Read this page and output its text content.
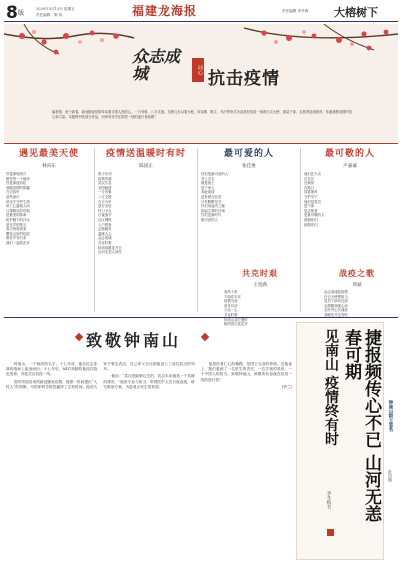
8 版
2020年3月13日 星期五
责任编辑：陈 伟	福建龙海报	责任编辑 李冬梅 大榕树下
众志成城	同心 抗击疫情
编者按：庚子新春，新冠肺炎疫情牵动着全国人民的心。一方有难，八方支援。龙海儿女以笔为枪，用诗歌、散文、书法等形式为奋战在抗疫一线的白衣天使、基层干部、志愿者加油鼓劲，传递战胜疫情的信心和力量。本版特刊发部分作品，向所有坚守在防控一线的逆行者致敬！
遇见最美天使
林向东
你是那轮明月
照亮每一个病房
你是那道彩虹
划破疫情的阴霾
白衣执甲
逆风而行
用坚守守护生命
用仁心温暖人间
口罩勒出的印痕
是最美的勋章
防护服下的汗水
是无声的誓言
春天终将到来
樱花会如约绽放
愿你平安归来
我们一起看花开
疫情送温暖时有时
陈国正
庚子年初
疫情突袭
武汉告急
全国驰援
一方有难
八方支援
白衣为甲
逆行出征
村口卡点
日夜值守
社区网格
入户排查
志愿服务
温暖人心
众志成城
共克时艰
待到春暖花开日
山河无恙人间安
最可爱的人
张佳惠
你们是最可爱的人
穿上白衣
就是战士
放下家人
奔赴前线
没有豪言壮语
只有默默坚守
你们用血肉之躯
筑起生命的长城
你们是新时代
最可爱的人
最可敬的人
卢嘉诚
他们在卡点
在社区
在病房
在路口
顶着寒风
守护安宁
他们是党员
是干部
是志愿者
是最可敬的人
感谢你们
致敬你们
共克时艰
王宽满
春风十里
不如你平安
疫情当前
同舟共济
万众一心
共克时艰
待到山花烂漫时
相约春天赏花开
战疫之歌
周斌
众志成城战疫情
白衣天使勇担当
党员干部冲在前
志愿服务暖心房
全民齐心共战疫
春暖花开定有时
致敬钟南山

钟南山，一个响亮的名字。十七年前，他在抗击非典的战场上挺身而出；十七年后，84岁高龄的他再次临危受命，奔赴武汉抗疫一线。

面对突如其来的新冠肺炎疫情，他第一时间提出“人传人”的判断，为国家科学防控赢得了宝贵时间。他劝大家不要去武汉，自己却义无反顾地登上了前往武汉的列车。

他说：“武汉是能够过关的，武汉本来就是一个英雄的城市。”他用专业与担当，带领医护人员日夜奋战，研究救治方案，为患者点亮生的希望。

他是医者仁心的楷模，是国士无双的脊梁。在他身上，我们看到了一名医生的责任，一位学者的风骨，一个中国人的担当。致敬钟南山，致敬所有奋战在抗疫一线的逆行者！

(李兰)	捷报频传心不已 山河无恙春可期
见南山 疫情终有时
李冬梅书
钟南山院士签名
陈国顺
